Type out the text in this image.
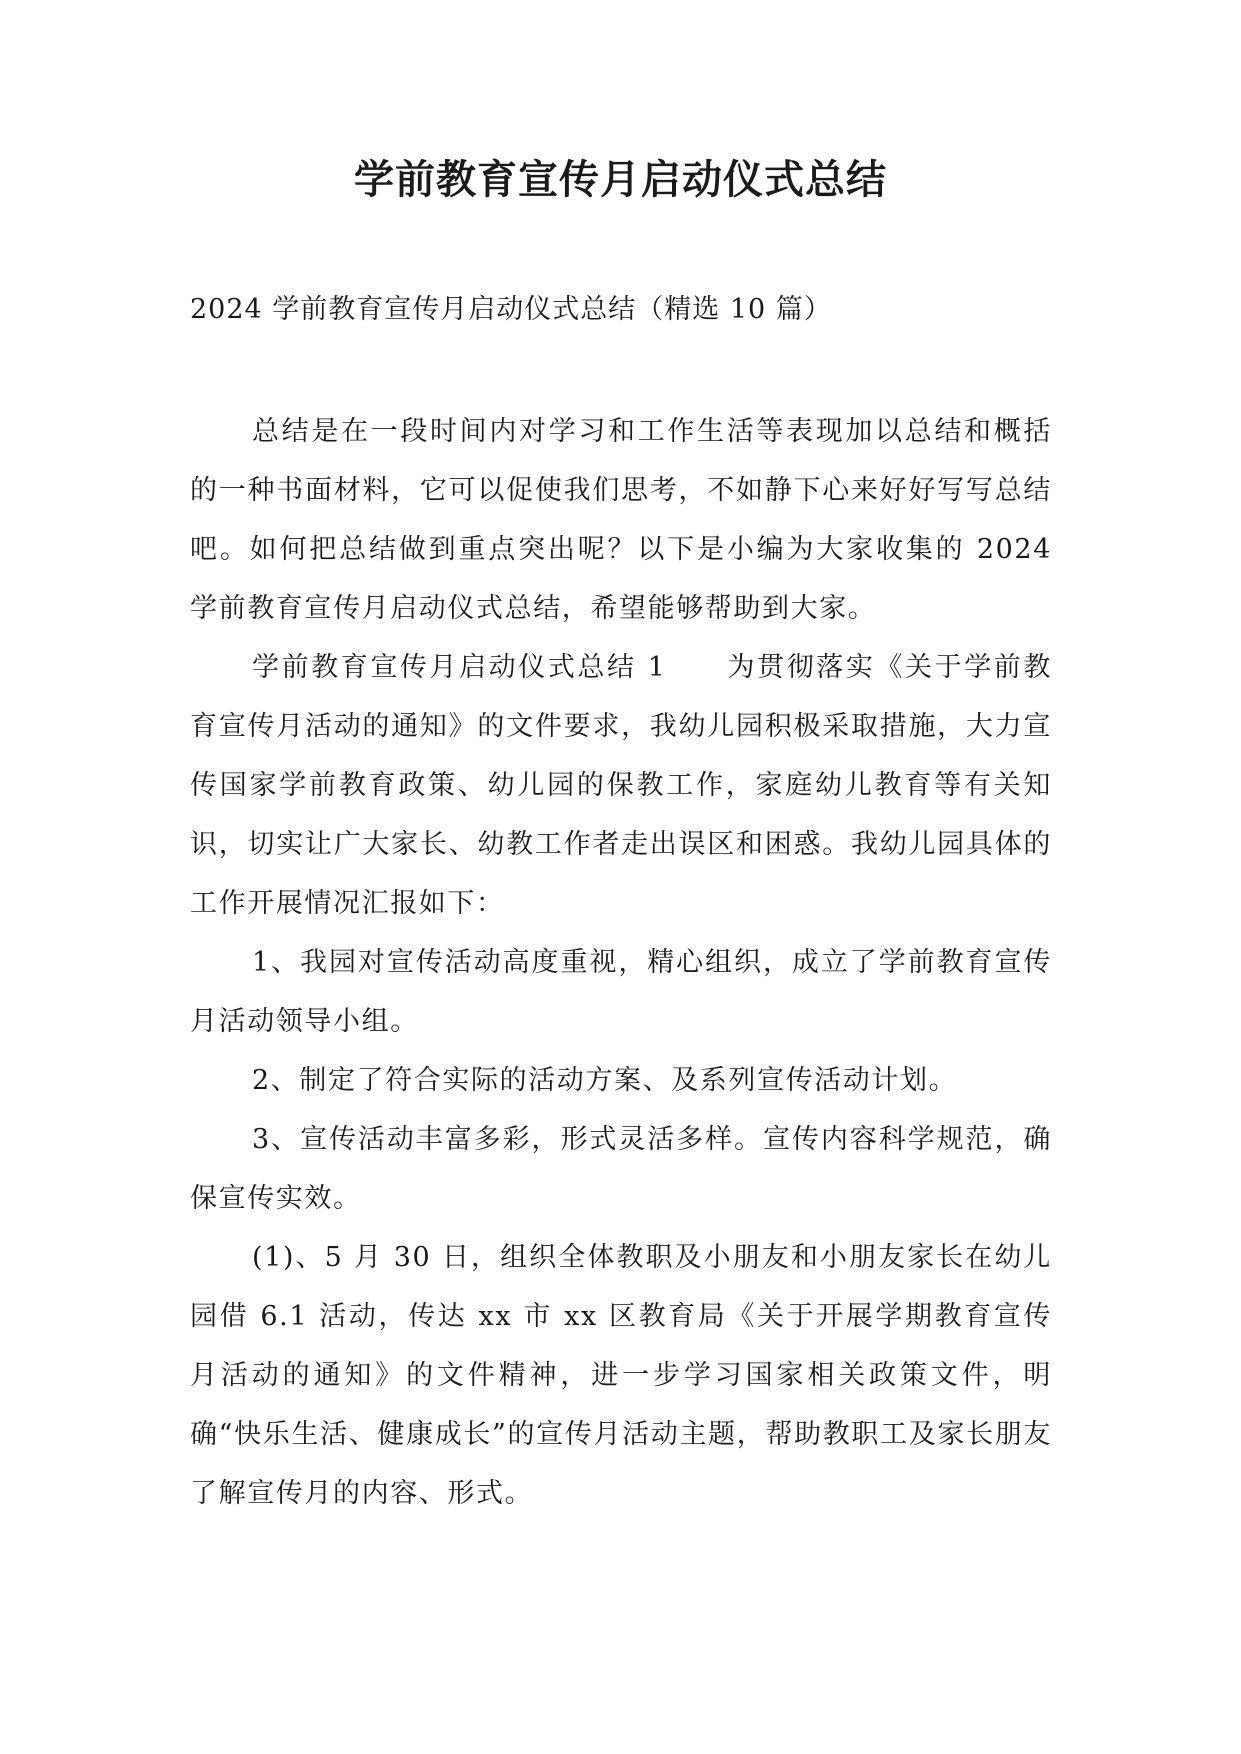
学前教育宣传月启动仪式总结

2024 学前教育宣传月启动仪式总结（精选 10 篇）

总结是在一段时间内对学习和工作生活等表现加以总结和概括的一种书面材料，它可以促使我们思考，不如静下心来好好写写总结吧。如何把总结做到重点突出呢？以下是小编为大家收集的 2024 学前教育宣传月启动仪式总结，希望能够帮助到大家。

学前教育宣传月启动仪式总结 1 为贯彻落实《关于学前教育宣传月活动的通知》的文件要求，我幼儿园积极采取措施，大力宣传国家学前教育政策、幼儿园的保教工作，家庭幼儿教育等有关知识，切实让广大家长、幼教工作者走出误区和困惑。我幼儿园具体的工作开展情况汇报如下：

1、我园对宣传活动高度重视，精心组织，成立了学前教育宣传月活动领导小组。

2、制定了符合实际的活动方案、及系列宣传活动计划。

3、宣传活动丰富多彩，形式灵活多样。宣传内容科学规范，确保宣传实效。

(1)、5 月 30 日，组织全体教职及小朋友和小朋友家长在幼儿园借 6.1 活动，传达 xx 市 xx 区教育局《关于开展学期教育宣传月活动的通知》的文件精神，进一步学习国家相关政策文件，明确“快乐生活、健康成长”的宣传月活动主题，帮助教职工及家长朋友了解宣传月的内容、形式。
